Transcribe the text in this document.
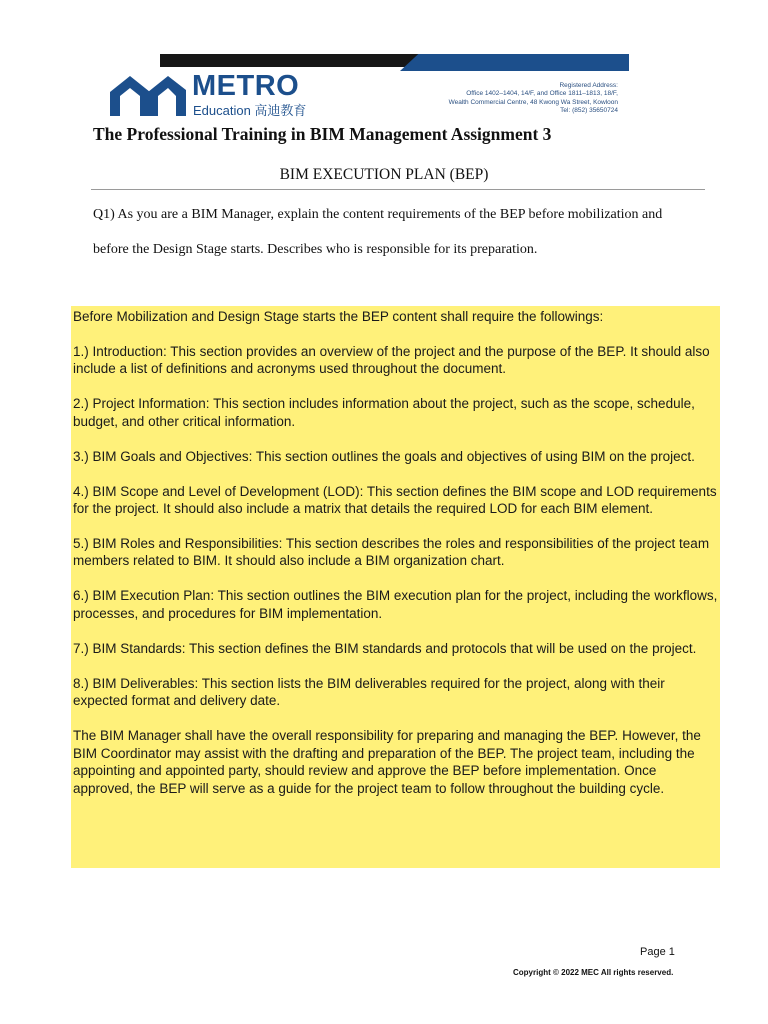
METRO
Education 高迪教育
Registered Address:
Office 1402–1404, 14/F, and Office 1811–1813, 18/F,
Wealth Commercial Centre, 48 Kwong Wa Street, Kowloon
Tel: (852) 35650724
The Professional Training in BIM Management Assignment 3
BIM EXECUTION PLAN (BEP)
Q1) As you are a BIM Manager, explain the content requirements of the BEP before mobilization and before the Design Stage starts. Describes who is responsible for its preparation.

Before Mobilization and Design Stage starts the BEP content shall require the followings:

1.) Introduction: This section provides an overview of the project and the purpose of the BEP. It should also include a list of definitions and acronyms used throughout the document.

2.) Project Information: This section includes information about the project, such as the scope, schedule, budget, and other critical information.

3.) BIM Goals and Objectives: This section outlines the goals and objectives of using BIM on the project.

4.) BIM Scope and Level of Development (LOD): This section defines the BIM scope and LOD requirements for the project. It should also include a matrix that details the required LOD for each BIM element.

5.) BIM Roles and Responsibilities: This section describes the roles and responsibilities of the project team members related to BIM. It should also include a BIM organization chart.

6.) BIM Execution Plan: This section outlines the BIM execution plan for the project, including the workflows, processes, and procedures for BIM implementation.

7.) BIM Standards: This section defines the BIM standards and protocols that will be used on the project.

8.) BIM Deliverables: This section lists the BIM deliverables required for the project, along with their expected format and delivery date.

The BIM Manager shall have the overall responsibility for preparing and managing the BEP. However, the BIM Coordinator may assist with the drafting and preparation of the BEP. The project team, including the appointing and appointed party, should review and approve the BEP before implementation. Once approved, the BEP will serve as a guide for the project team to follow throughout the building cycle.

Page 1
Copyright © 2022 MEC All rights reserved.
